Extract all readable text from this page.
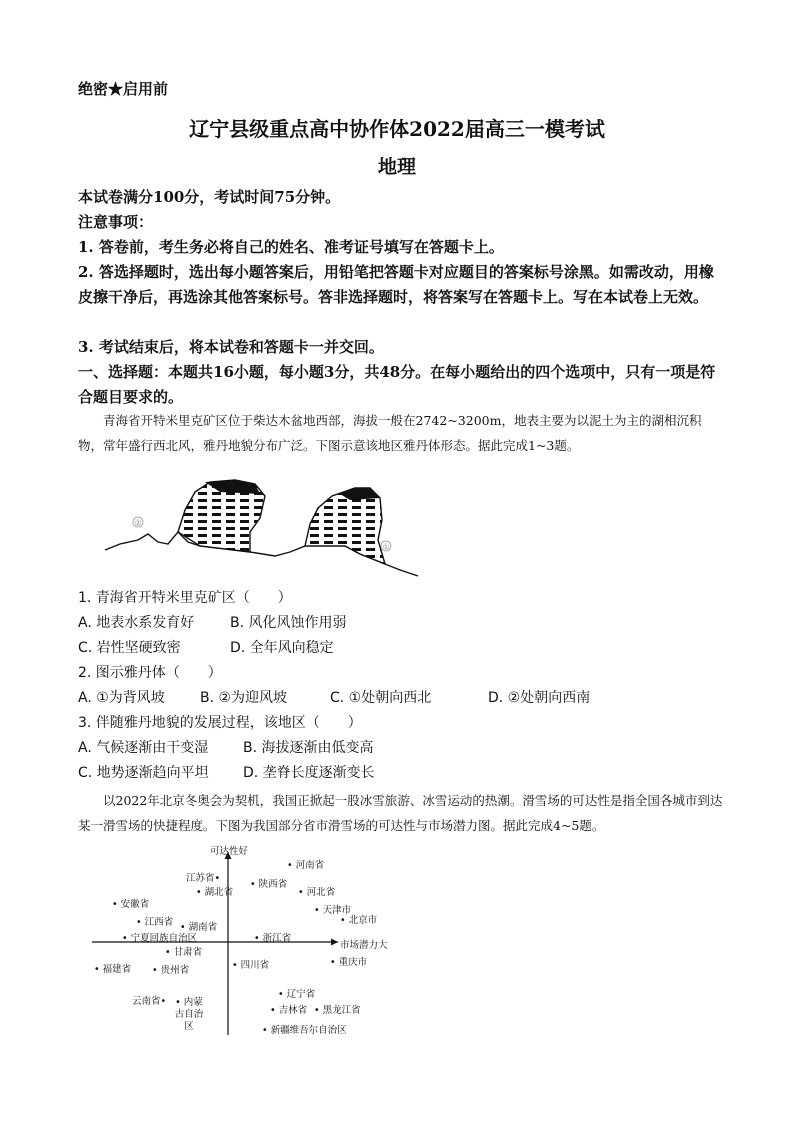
绝密★启用前
辽宁县级重点高中协作体2022届高三一模考试
地理
本试卷满分100分，考试时间75分钟。
注意事项：
1. 答卷前，考生务必将自己的姓名、准考证号填写在答题卡上。
2. 答选择题时，选出每小题答案后，用铅笔把答题卡对应题目的答案标号涂黑。如需改动，用橡皮擦干净后，再选涂其他答案标号。答非选择题时，将答案写在答题卡上。写在本试卷上无效。
3. 考试结束后，将本试卷和答题卡一并交回。
一、选择题：本题共16小题，每小题3分，共48分。在每小题给出的四个选项中，只有一项是符合题目要求的。
青海省开特米里克矿区位于柴达木盆地西部，海拔一般在2742~3200m，地表主要为以泥土为主的湖相沉积物，常年盛行西北风，雅丹地貌分布广泛。下图示意该地区雅丹体形态。据此完成1~3题。
②
①
1. 青海省开特米里克矿区（　　）
A. 地表水系发育好	B. 风化风蚀作用弱
C. 岩性坚硬致密	D. 全年风向稳定
2. 图示雅丹体（　　）
A. ①为背风坡	B. ②为迎风坡	C. ①处朝向西北	D. ②处朝向西南
3. 伴随雅丹地貌的发展过程，该地区（　　）
A. 气候逐渐由干变湿 B. 海拔逐渐由低变高
C. 地势逐渐趋向平坦 D. 垄脊长度逐渐变长
以2022年北京冬奥会为契机，我国正掀起一股冰雪旅游、冰雪运动的热潮。滑雪场的可达性是指全国各城市到达某一滑雪场的快捷程度。下图为我国部分省市滑雪场的可达性与市场潜力图。据此完成4~5题。
可达性好
市场潜力大
• 河南省
江苏省•
• 湖北省
• 陕西省
• 河北省
• 安徽省
• 天津市
• 北京市
• 江西省 • 湖南省
• 宁夏回族自治区	• 浙江省
• 甘肃省
• 四川省	• 重庆市
• 福建省 • 贵州省
• 辽宁省
云南省• • 内蒙古自治区
• 吉林省 • 黑龙江省
• 新疆维吾尔自治区
